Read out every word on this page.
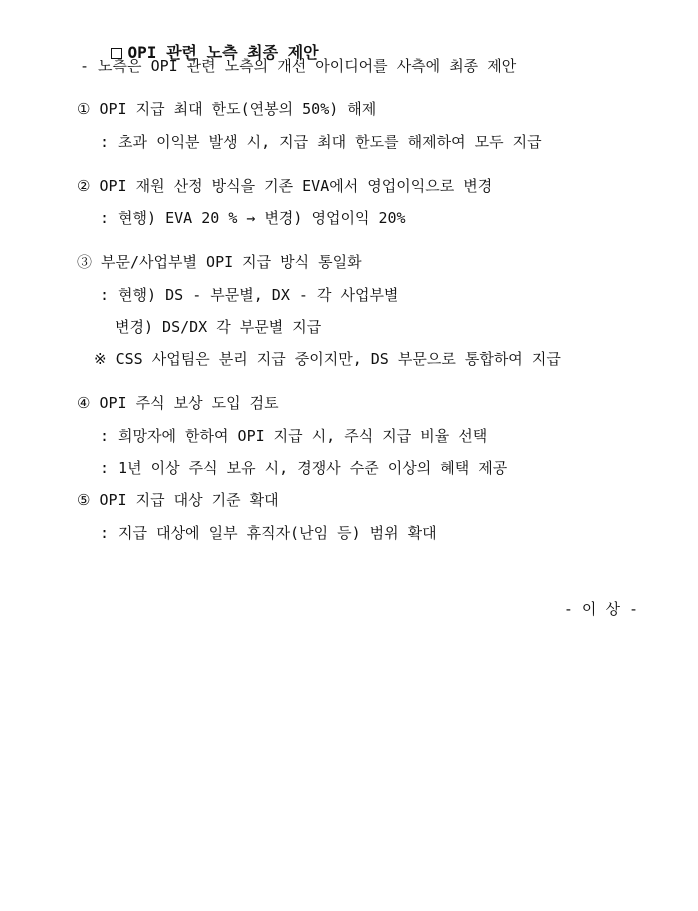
OPI 관련 노측 최종 제안

- 노측은 OPI 관련 노측의 개선 아이디어를 사측에 최종 제안
① OPI 지급 최대 한도(연봉의 50%) 해제
: 초과 이익분 발생 시, 지급 최대 한도를 해제하여 모두 지급
② OPI 재원 산정 방식을 기존 EVA에서 영업이익으로 변경
: 현행) EVA 20 % → 변경) 영업이익 20%
③ 부문/사업부별 OPI 지급 방식 통일화
: 현행) DS - 부문별, DX - 각 사업부별
변경) DS/DX 각 부문별 지급
※ CSS 사업팀은 분리 지급 중이지만, DS 부문으로 통합하여 지급
④ OPI 주식 보상 도입 검토
: 희망자에 한하여 OPI 지급 시, 주식 지급 비율 선택
: 1년 이상 주식 보유 시, 경쟁사 수준 이상의 혜택 제공
⑤ OPI 지급 대상 기준 확대
: 지급 대상에 일부 휴직자(난임 등) 범위 확대
- 이 상 -
